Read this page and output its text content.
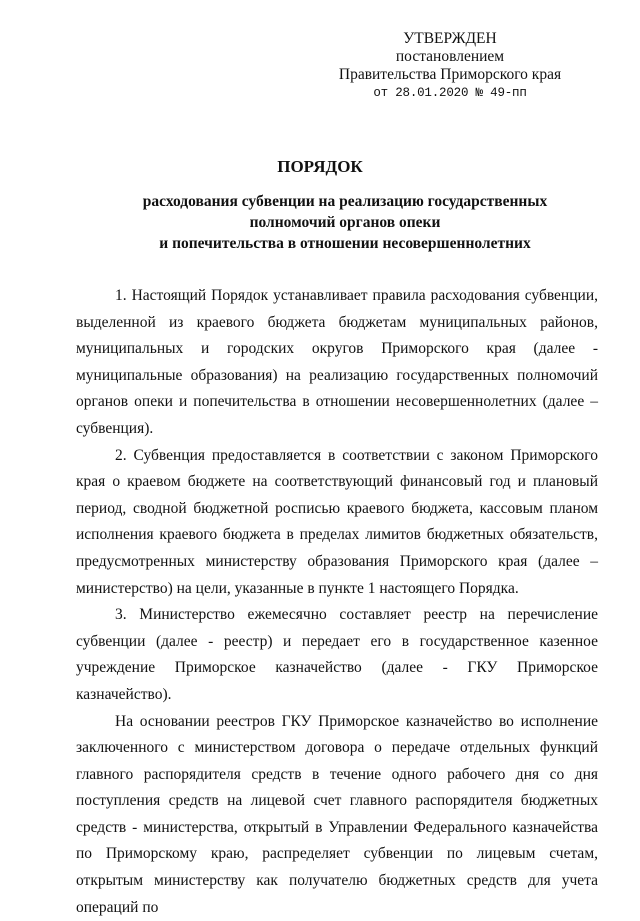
УТВЕРЖДЕН
постановлением
Правительства Приморского края
от 28.01.2020 № 49-пп
ПОРЯДОК
расходования субвенции на реализацию государственных
полномочий органов опеки
и попечительства в отношении несовершеннолетних

1. Настоящий Порядок устанавливает правила расходования субвенции, выделенной из краевого бюджета бюджетам муниципальных районов, муниципальных и городских округов Приморского края (далее - муниципальные образования) на реализацию государственных полномочий органов опеки и попечительства в отношении несовершеннолетних (далее – субвенция).

2. Субвенция предоставляется в соответствии с законом Приморского края о краевом бюджете на соответствующий финансовый год и плановый период, сводной бюджетной росписью краевого бюджета, кассовым планом исполнения краевого бюджета в пределах лимитов бюджетных обязательств, предусмотренных министерству образования Приморского края (далее – министерство) на цели, указанные в пункте 1 настоящего Порядка.

3. Министерство ежемесячно составляет реестр на перечисление субвенции (далее - реестр) и передает его в государственное казенное учреждение Приморское казначейство (далее - ГКУ Приморское казначейство).

На основании реестров ГКУ Приморское казначейство во исполнение заключенного с министерством договора о передаче отдельных функций главного распорядителя средств в течение одного рабочего дня со дня поступления средств на лицевой счет главного распорядителя бюджетных средств - министерства, открытый в Управлении Федерального казначейства по Приморскому краю, распределяет субвенции по лицевым счетам, открытым министерству как получателю бюджетных средств для учета операций по
